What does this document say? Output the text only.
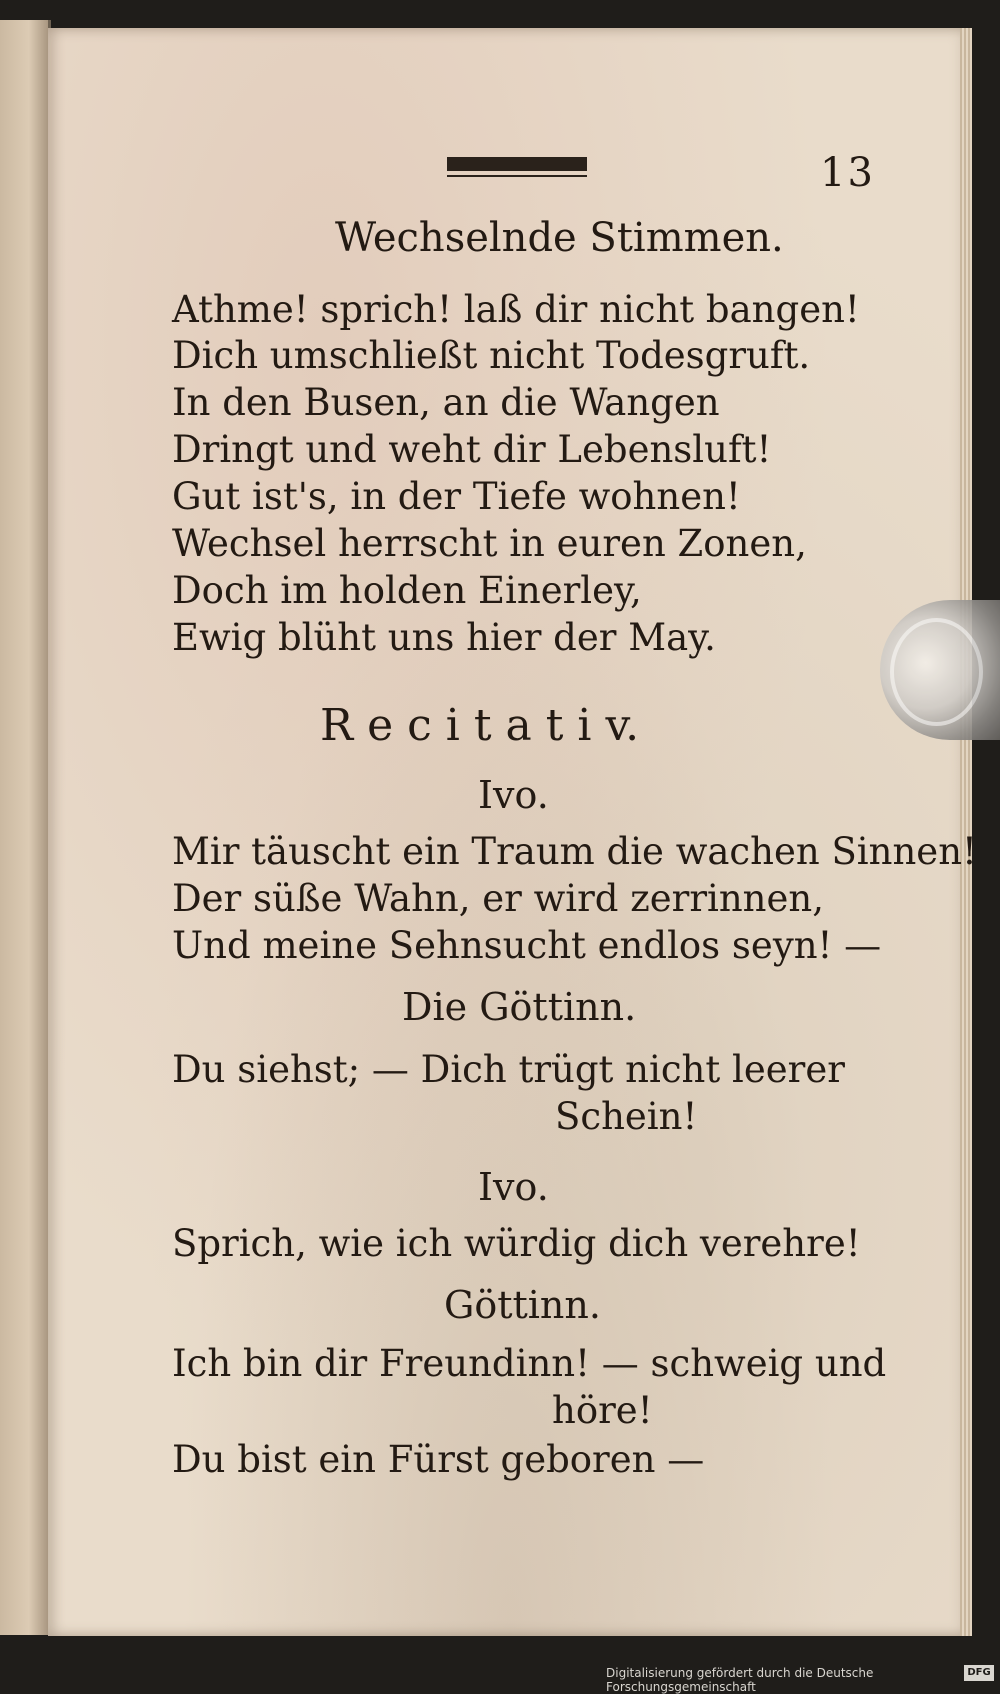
13
Wechselnde Stimmen.
Athme! sprich! laß dir nicht bangen!
Dich umschließt nicht Todesgruft.
In den Busen, an die Wangen
Dringt und weht dir Lebensluft!
Gut ist's, in der Tiefe wohnen!
Wechsel herrscht in euren Zonen,
Doch im holden Einerley,
Ewig blüht uns hier der May.
R e c i t a t i v.
Ivo.
Mir täuscht ein Traum die wachen Sinnen!
Der süße Wahn, er wird zerrinnen,
Und meine Sehnsucht endlos seyn! —
Die Göttinn.
Du siehst; — Dich trügt nicht leerer
Schein!
Ivo.
Sprich, wie ich würdig dich verehre!
Göttinn.
Ich bin dir Freundinn! — schweig und
höre!
Du bist ein Fürst geboren —
Digitalisierung gefördert durch die Deutsche Forschungsgemeinschaft
DFG
